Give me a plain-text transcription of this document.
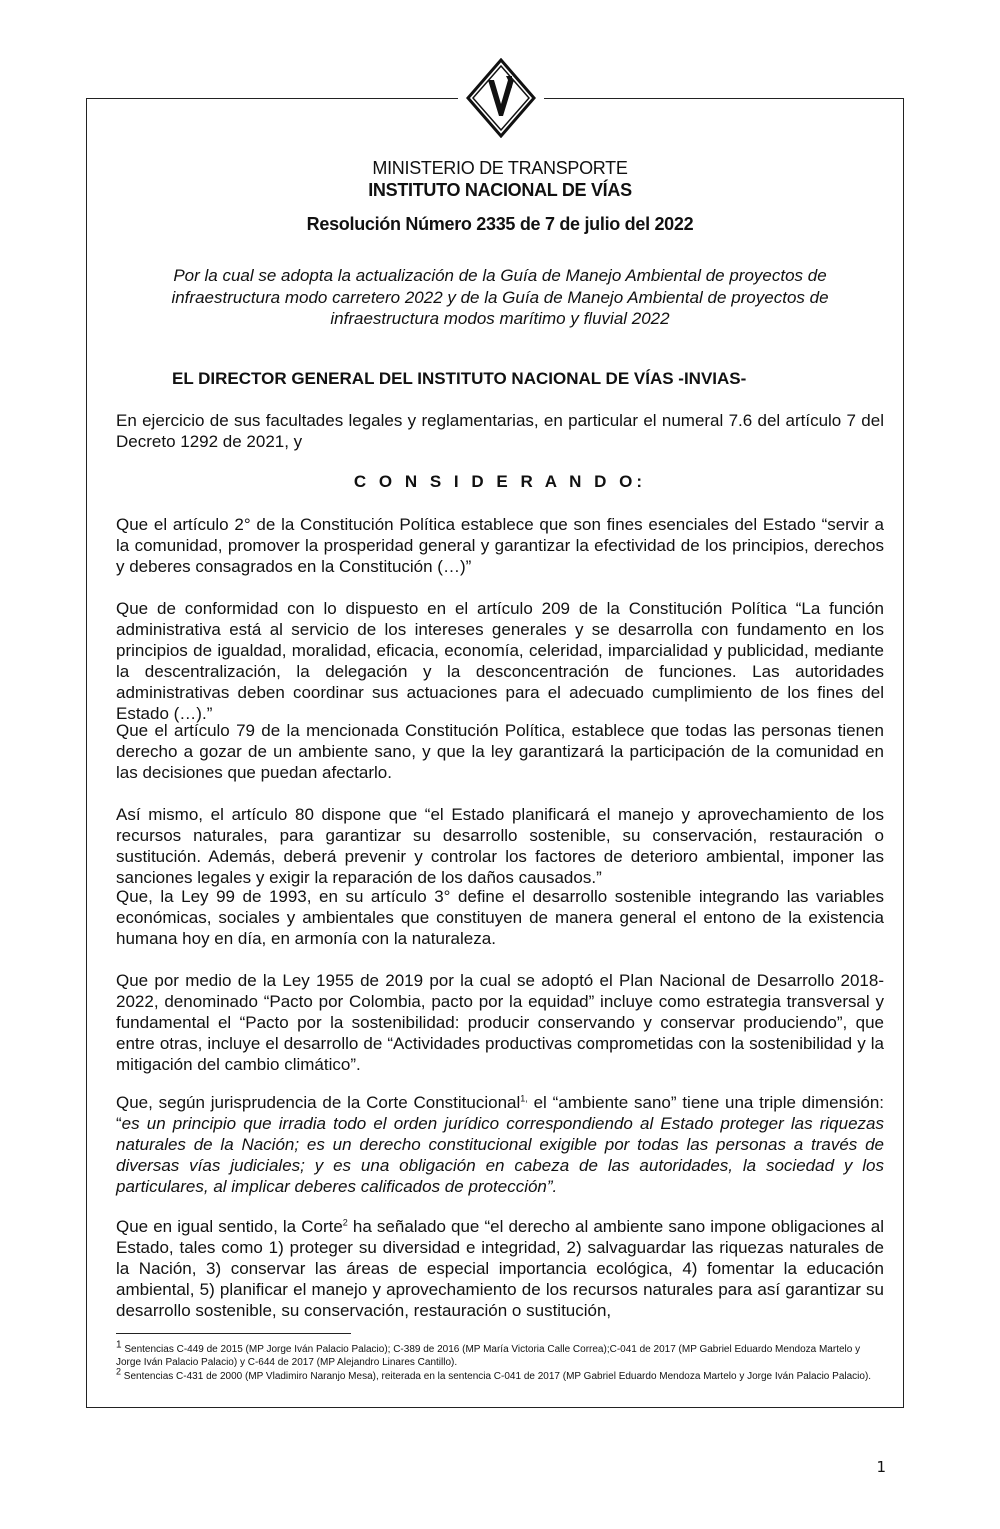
MINISTERIO DE TRANSPORTE
INSTITUTO NACIONAL DE VÍAS
Resolución Número 2335 de 7 de julio del 2022
Por la cual se adopta la actualización de la Guía de Manejo Ambiental de proyectos de infraestructura modo carretero 2022 y de la Guía de Manejo Ambiental de proyectos de infraestructura modos marítimo y fluvial 2022
EL DIRECTOR GENERAL DEL INSTITUTO NACIONAL DE VÍAS -INVIAS-

En ejercicio de sus facultades legales y reglamentarias, en particular el numeral 7.6 del artículo 7 del Decreto 1292 de 2021, y

C O N S I D E R A N D O:

Que el artículo 2° de la Constitución Política establece que son fines esenciales del Estado “servir a la comunidad, promover la prosperidad general y garantizar la efectividad de los principios, derechos y deberes consagrados en la Constitución (…)”

Que de conformidad con lo dispuesto en el artículo 209 de la Constitución Política “La función administrativa está al servicio de los intereses generales y se desarrolla con fundamento en los principios de igualdad, moralidad, eficacia, economía, celeridad, imparcialidad y publicidad, mediante la descentralización, la delegación y la desconcentración de funciones. Las autoridades administrativas deben coordinar sus actuaciones para el adecuado cumplimiento de los fines del Estado (…).”

Que el artículo 79 de la mencionada Constitución Política, establece que todas las personas tienen derecho a gozar de un ambiente sano, y que la ley garantizará la participación de la comunidad en las decisiones que puedan afectarlo.

Así mismo, el artículo 80 dispone que “el Estado planificará el manejo y aprovechamiento de los recursos naturales, para garantizar su desarrollo sostenible, su conservación, restauración o sustitución. Además, deberá prevenir y controlar los factores de deterioro ambiental, imponer las sanciones legales y exigir la reparación de los daños causados.”

Que, la Ley 99 de 1993, en su artículo 3° define el desarrollo sostenible integrando las variables económicas, sociales y ambientales que constituyen de manera general el entono de la existencia humana hoy en día, en armonía con la naturaleza.

Que por medio de la Ley 1955 de 2019 por la cual se adoptó el Plan Nacional de Desarrollo 2018-2022, denominado “Pacto por Colombia, pacto por la equidad” incluye como estrategia transversal y fundamental el “Pacto por la sostenibilidad: producir conservando y conservar produciendo”, que entre otras, incluye el desarrollo de “Actividades productivas comprometidas con la sostenibilidad y la mitigación del cambio climático”.

Que, según jurisprudencia de la Corte Constitucional$^{1,}$ el “ambiente sano” tiene una triple dimensión: “es un principio que irradia todo el orden jurídico correspondiendo al Estado proteger las riquezas naturales de la Nación; es un derecho constitucional exigible por todas las personas a través de diversas vías judiciales; y es una obligación en cabeza de las autoridades, la sociedad y los particulares, al implicar deberes calificados de protección”.

Que en igual sentido, la Corte$^2$ ha señalado que “el derecho al ambiente sano impone obligaciones al Estado, tales como 1) proteger su diversidad e integridad, 2) salvaguardar las riquezas naturales de la Nación, 3) conservar las áreas de especial importancia ecológica, 4) fomentar la educación ambiental, 5) planificar el manejo y aprovechamiento de los recursos naturales para así garantizar su desarrollo sostenible, su conservación, restauración o sustitución,

$^1$ Sentencias C-449 de 2015 (MP Jorge Iván Palacio Palacio); C-389 de 2016 (MP María Victoria Calle Correa);C-041 de 2017 (MP Gabriel Eduardo Mendoza Martelo y Jorge Iván Palacio Palacio) y C-644 de 2017 (MP Alejandro Linares Cantillo).

$^2$ Sentencias C-431 de 2000 (MP Vladimiro Naranjo Mesa), reiterada en la sentencia C-041 de 2017 (MP Gabriel Eduardo Mendoza Martelo y Jorge Iván Palacio Palacio).

1
